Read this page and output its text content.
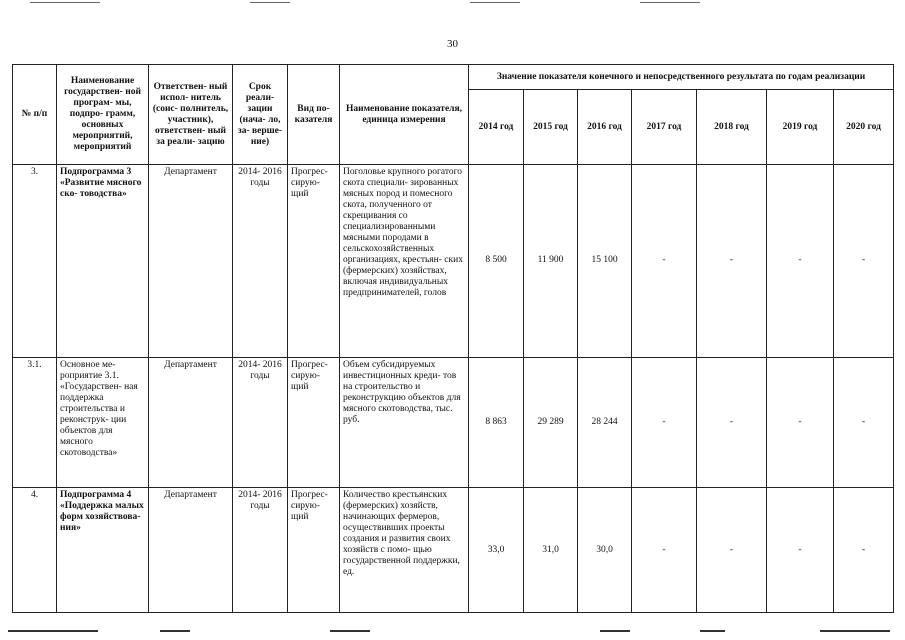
30
№ п/п	Наименование государствен- ной програм- мы, подпро- грамм, основных мероприятий, мероприятий	Ответствен- ный испол- нитель (соис- полнитель, участник), ответствен- ный за реали- зацию	Срок реали- зации (нача- ло, за- верше- ние)	Вид по- казателя	Наименование показателя, единица измерения	Значение показателя конечного и непосредственного результата по годам реализации						
						2014 год	2015 год	2016 год	2017 год	2018 год	2019 год	2020 год
3.	Подпрограмма 3 «Развитие мясного ско- товодства»	Департамент	2014- 2016 годы	Прогрес- сирую- щий	Поголовье крупного рогатого скота специали- зированных мясных пород и помесного скота, полученного от скрещивания со специализированными мясными породами в сельскохозяйственных организациях, крестьян- ских (фермерских) хозяйствах, включая индивидуальных предпринимателей, голов	8 500	11 900	15 100	-	-	-	-
3.1.	Основное ме- роприятие 3.1. «Государствен- ная поддержка строительства и реконструк- ции объектов для мясного скотоводства»	Департамент	2014- 2016 годы	Прогрес- сирую- щий	Объем субсидируемых инвестиционных креди- тов на строительство и реконструкцию объектов для мясного скотоводства, тыс. руб.	8 863	29 289	28 244	-	-	-	-
4.	Подпрограмма 4 «Поддержка малых форм хозяйствова- ния»	Департамент	2014- 2016 годы	Прогрес- сирую- щий	Количество крестьянских (фермерских) хозяйств, начинающих фермеров, осуществивших проекты создания и развития своих хозяйств с помо- щью государственной поддержки, ед.	33,0	31,0	30,0	-	-	-	-
